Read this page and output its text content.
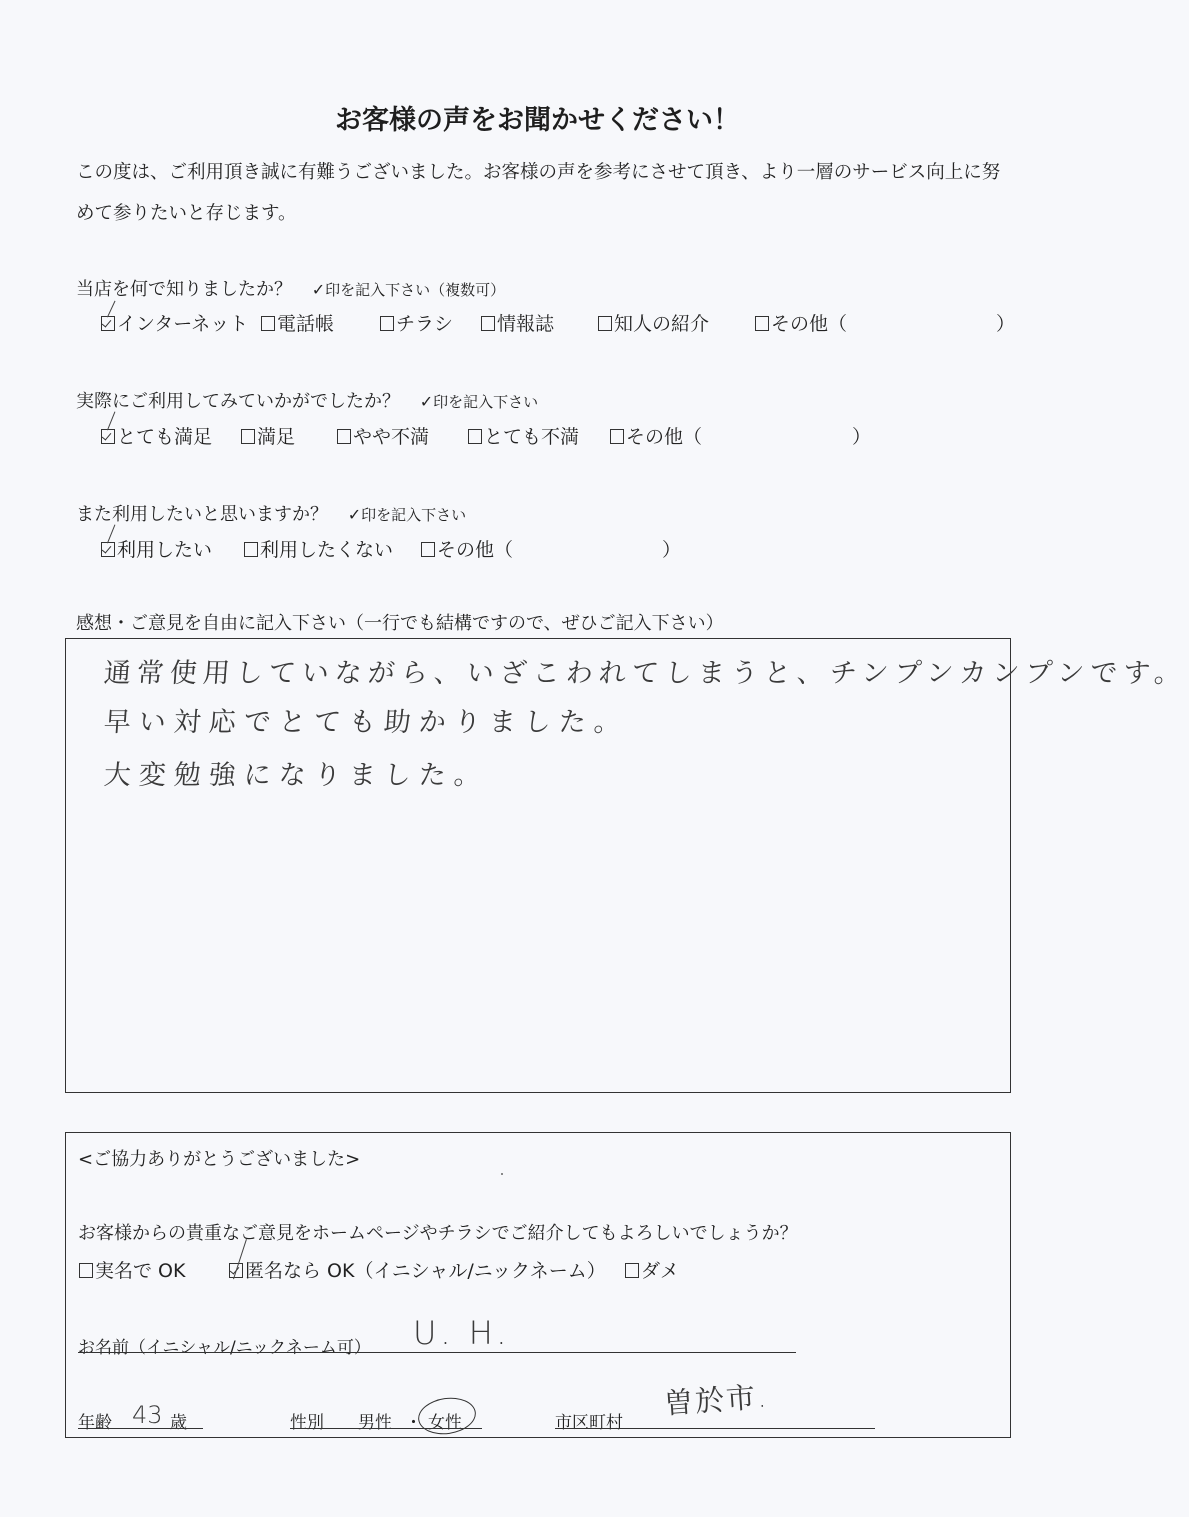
お客様の声をお聞かせください！
この度は、ご利用頂き誠に有難うございました。お客様の声を参考にさせて頂き、より一層のサービス向上に努
めて参りたいと存じます。
当店を何で知りましたか？ ✓印を記入下さい（複数可）
インターネット	電話帳	チラシ	情報誌	知人の紹介	その他（	）
実際にご利用してみていかがでしたか？ ✓印を記入下さい
とても満足	満足	やや不満	とても不満	その他（	）
また利用したいと思いますか？ ✓印を記入下さい
利用したい	利用したくない	その他（	）
感想・ご意見を自由に記入下さい（一行でも結構ですので、ぜひご記入下さい）
通常使用していながら、いざこわれてしまうと、チンプンカンプンです。
早い対応でとても助かりました。
大変勉強になりました。
<ご協力ありがとうございました>
お客様からの貴重なご意見をホームページやチラシでご紹介してもよろしいでしょうか？
実名で OK	匿名なら OK（イニシャル/ニックネーム）	ダメ
お名前（イニシャル/ニックネーム可） U. H.
年齢 43 歳	性別 男性 ・ 女性	市区町村
曽於市.
